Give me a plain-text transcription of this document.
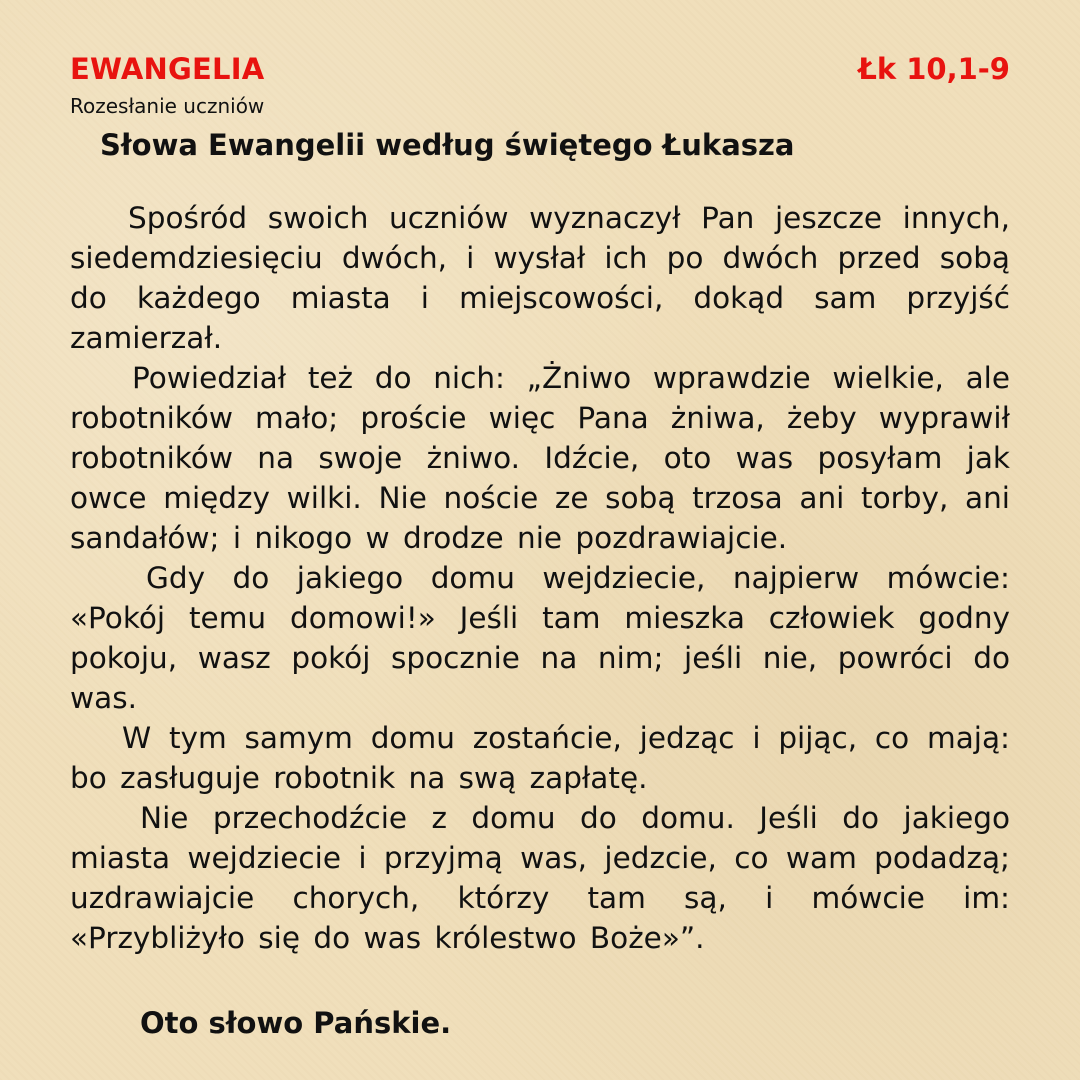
EWANGELIA	Łk 10,1-9
Rozesłanie uczniów
Słowa Ewangelii według świętego Łukasza

Spośród swoich uczniów wyznaczył Pan jeszcze innych, siedemdziesięciu dwóch, i wysłał ich po dwóch przed sobą do każdego miasta i miejscowości, dokąd sam przyjść zamierzał.

Powiedział też do nich: „Żniwo wprawdzie wielkie, ale robotników mało; proście więc Pana żniwa, żeby wyprawił robotników na swoje żniwo. Idźcie, oto was posyłam jak owce między wilki. Nie noście ze sobą trzosa ani torby, ani sandałów; i nikogo w drodze nie pozdrawiajcie.

Gdy do jakiego domu wejdziecie, najpierw mówcie: «Pokój temu domowi!» Jeśli tam mieszka człowiek godny pokoju, wasz pokój spocznie na nim; jeśli nie, powróci do was.

W tym samym domu zostańcie, jedząc i pijąc, co mają: bo zasługuje robotnik na swą zapłatę.

Nie przechodźcie z domu do domu. Jeśli do jakiego miasta wejdziecie i przyjmą was, jedzcie, co wam podadzą; uzdrawiajcie chorych, którzy tam są, i mówcie im: «Przybliżyło się do was królestwo Boże»”.

Oto słowo Pańskie.
